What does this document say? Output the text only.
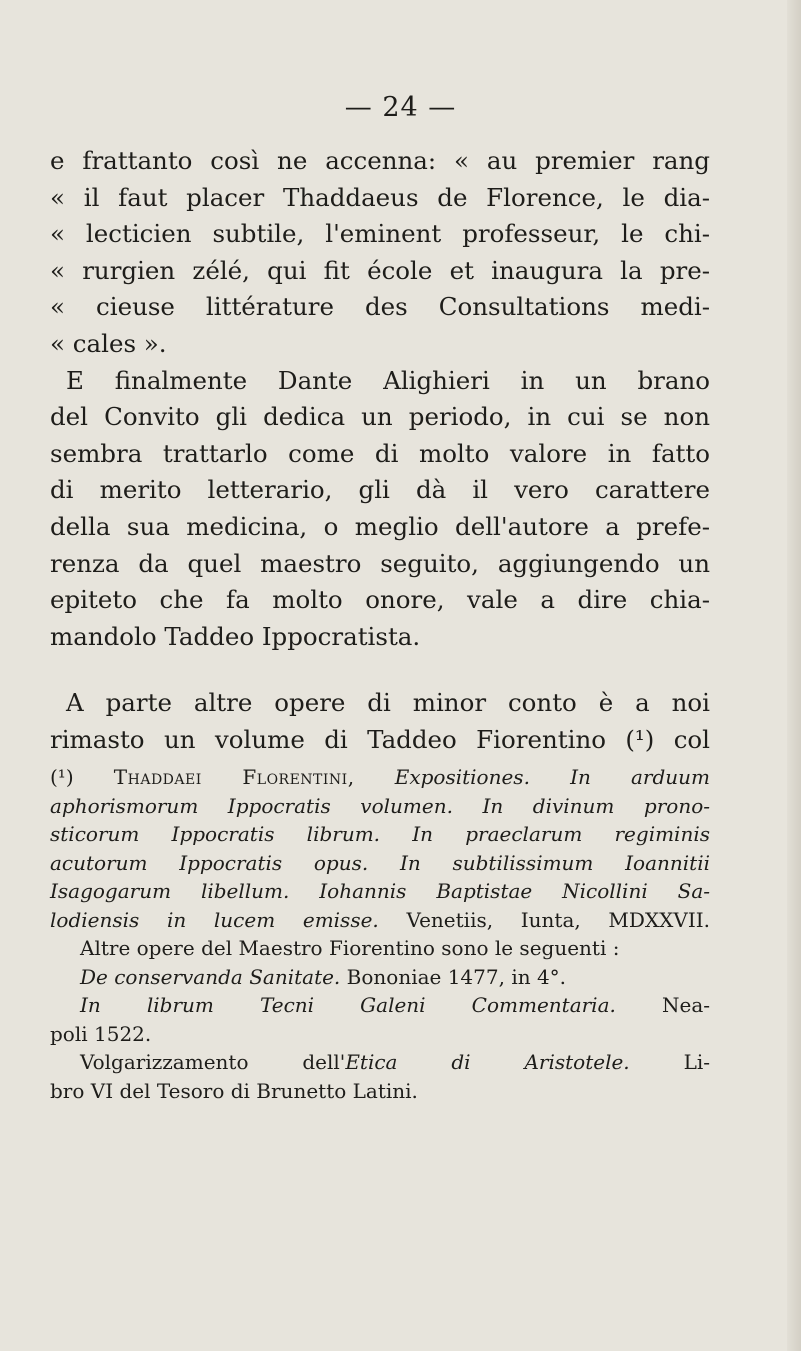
— 24 —
e frattanto così ne accenna: « au premier rang
« il faut placer Thaddaeus de Florence, le dia-
« lecticien subtile, l'eminent professeur, le chi-
« rurgien zélé, qui fit école et inaugura la pre-
« cieuse littérature des Consultations medi-
« cales ».
E finalmente Dante Alighieri in un brano
del Convito gli dedica un periodo, in cui se non
sembra trattarlo come di molto valore in fatto
di merito letterario, gli dà il vero carattere
della sua medicina, o meglio dell'autore a prefe-
renza da quel maestro seguito, aggiungendo un
epiteto che fa molto onore, vale a dire chia-
mandolo Taddeo Ippocratista.
A parte altre opere di minor conto è a noi
rimasto un volume di Taddeo Fiorentino (¹) col
(¹) Thaddaei Florentini, Expositiones. In arduum
aphorismorum Ippocratis volumen. In divinum prono-
sticorum Ippocratis librum. In praeclarum regiminis
acutorum Ippocratis opus. In subtilissimum Ioannitii
Isagogarum libellum. Iohannis Baptistae Nicollini Sa-
lodiensis in lucem emisse. Venetiis, Iunta, MDXXVII.
Altre opere del Maestro Fiorentino sono le seguenti :
De conservanda Sanitate. Bononiae 1477, in 4°.
In librum Tecni Galeni Commentaria. Nea-
poli 1522.
Volgarizzamento dell'Etica di Aristotele.	Li-
bro VI del Tesoro di Brunetto Latini.
